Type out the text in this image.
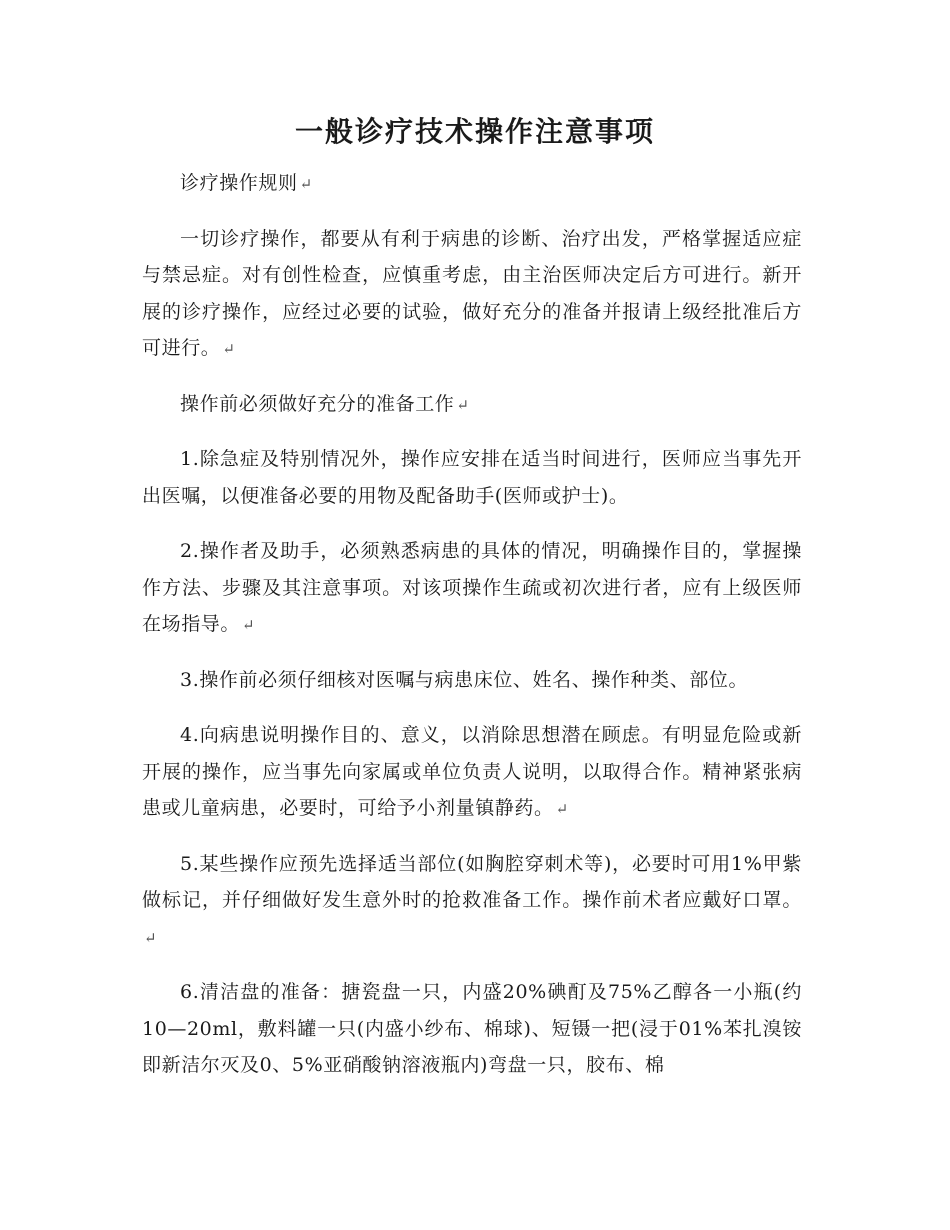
一般诊疗技术操作注意事项

诊疗操作规则 ↵

一切诊疗操作，都要从有利于病患的诊断、治疗出发，严格掌握适应症与禁忌症。对有创性检查，应慎重考虑，由主治医师决定后方可进行。新开展的诊疗操作，应经过必要的试验，做好充分的准备并报请上级经批准后方可进行。 ↵

操作前必须做好充分的准备工作 ↵

1.除急症及特别情况外，操作应安排在适当时间进行，医师应当事先开出医嘱，以便准备必要的用物及配备助手(医师或护士)。

2.操作者及助手，必须熟悉病患的具体的情况，明确操作目的，掌握操作方法、步骤及其注意事项。对该项操作生疏或初次进行者，应有上级医师在场指导。 ↵

3.操作前必须仔细核对医嘱与病患床位、姓名、操作种类、部位。

4.向病患说明操作目的、意义，以消除思想潜在顾虑。有明显危险或新开展的操作，应当事先向家属或单位负责人说明，以取得合作。精神紧张病患或儿童病患，必要时，可给予小剂量镇静药。 ↵

5.某些操作应预先选择适当部位(如胸腔穿刺术等)，必要时可用1%甲紫做标记，并仔细做好发生意外时的抢救准备工作。操作前术者应戴好口罩。↵

6.清洁盘的准备：搪瓷盘一只，内盛20%碘酊及75%乙醇各一小瓶(约10—20ml，敷料罐一只(内盛小纱布、棉球)、短镊一把(浸于01%苯扎溴铵即新洁尔灭及0、5%亚硝酸钠溶液瓶内)弯盘一只，胶布、棉
